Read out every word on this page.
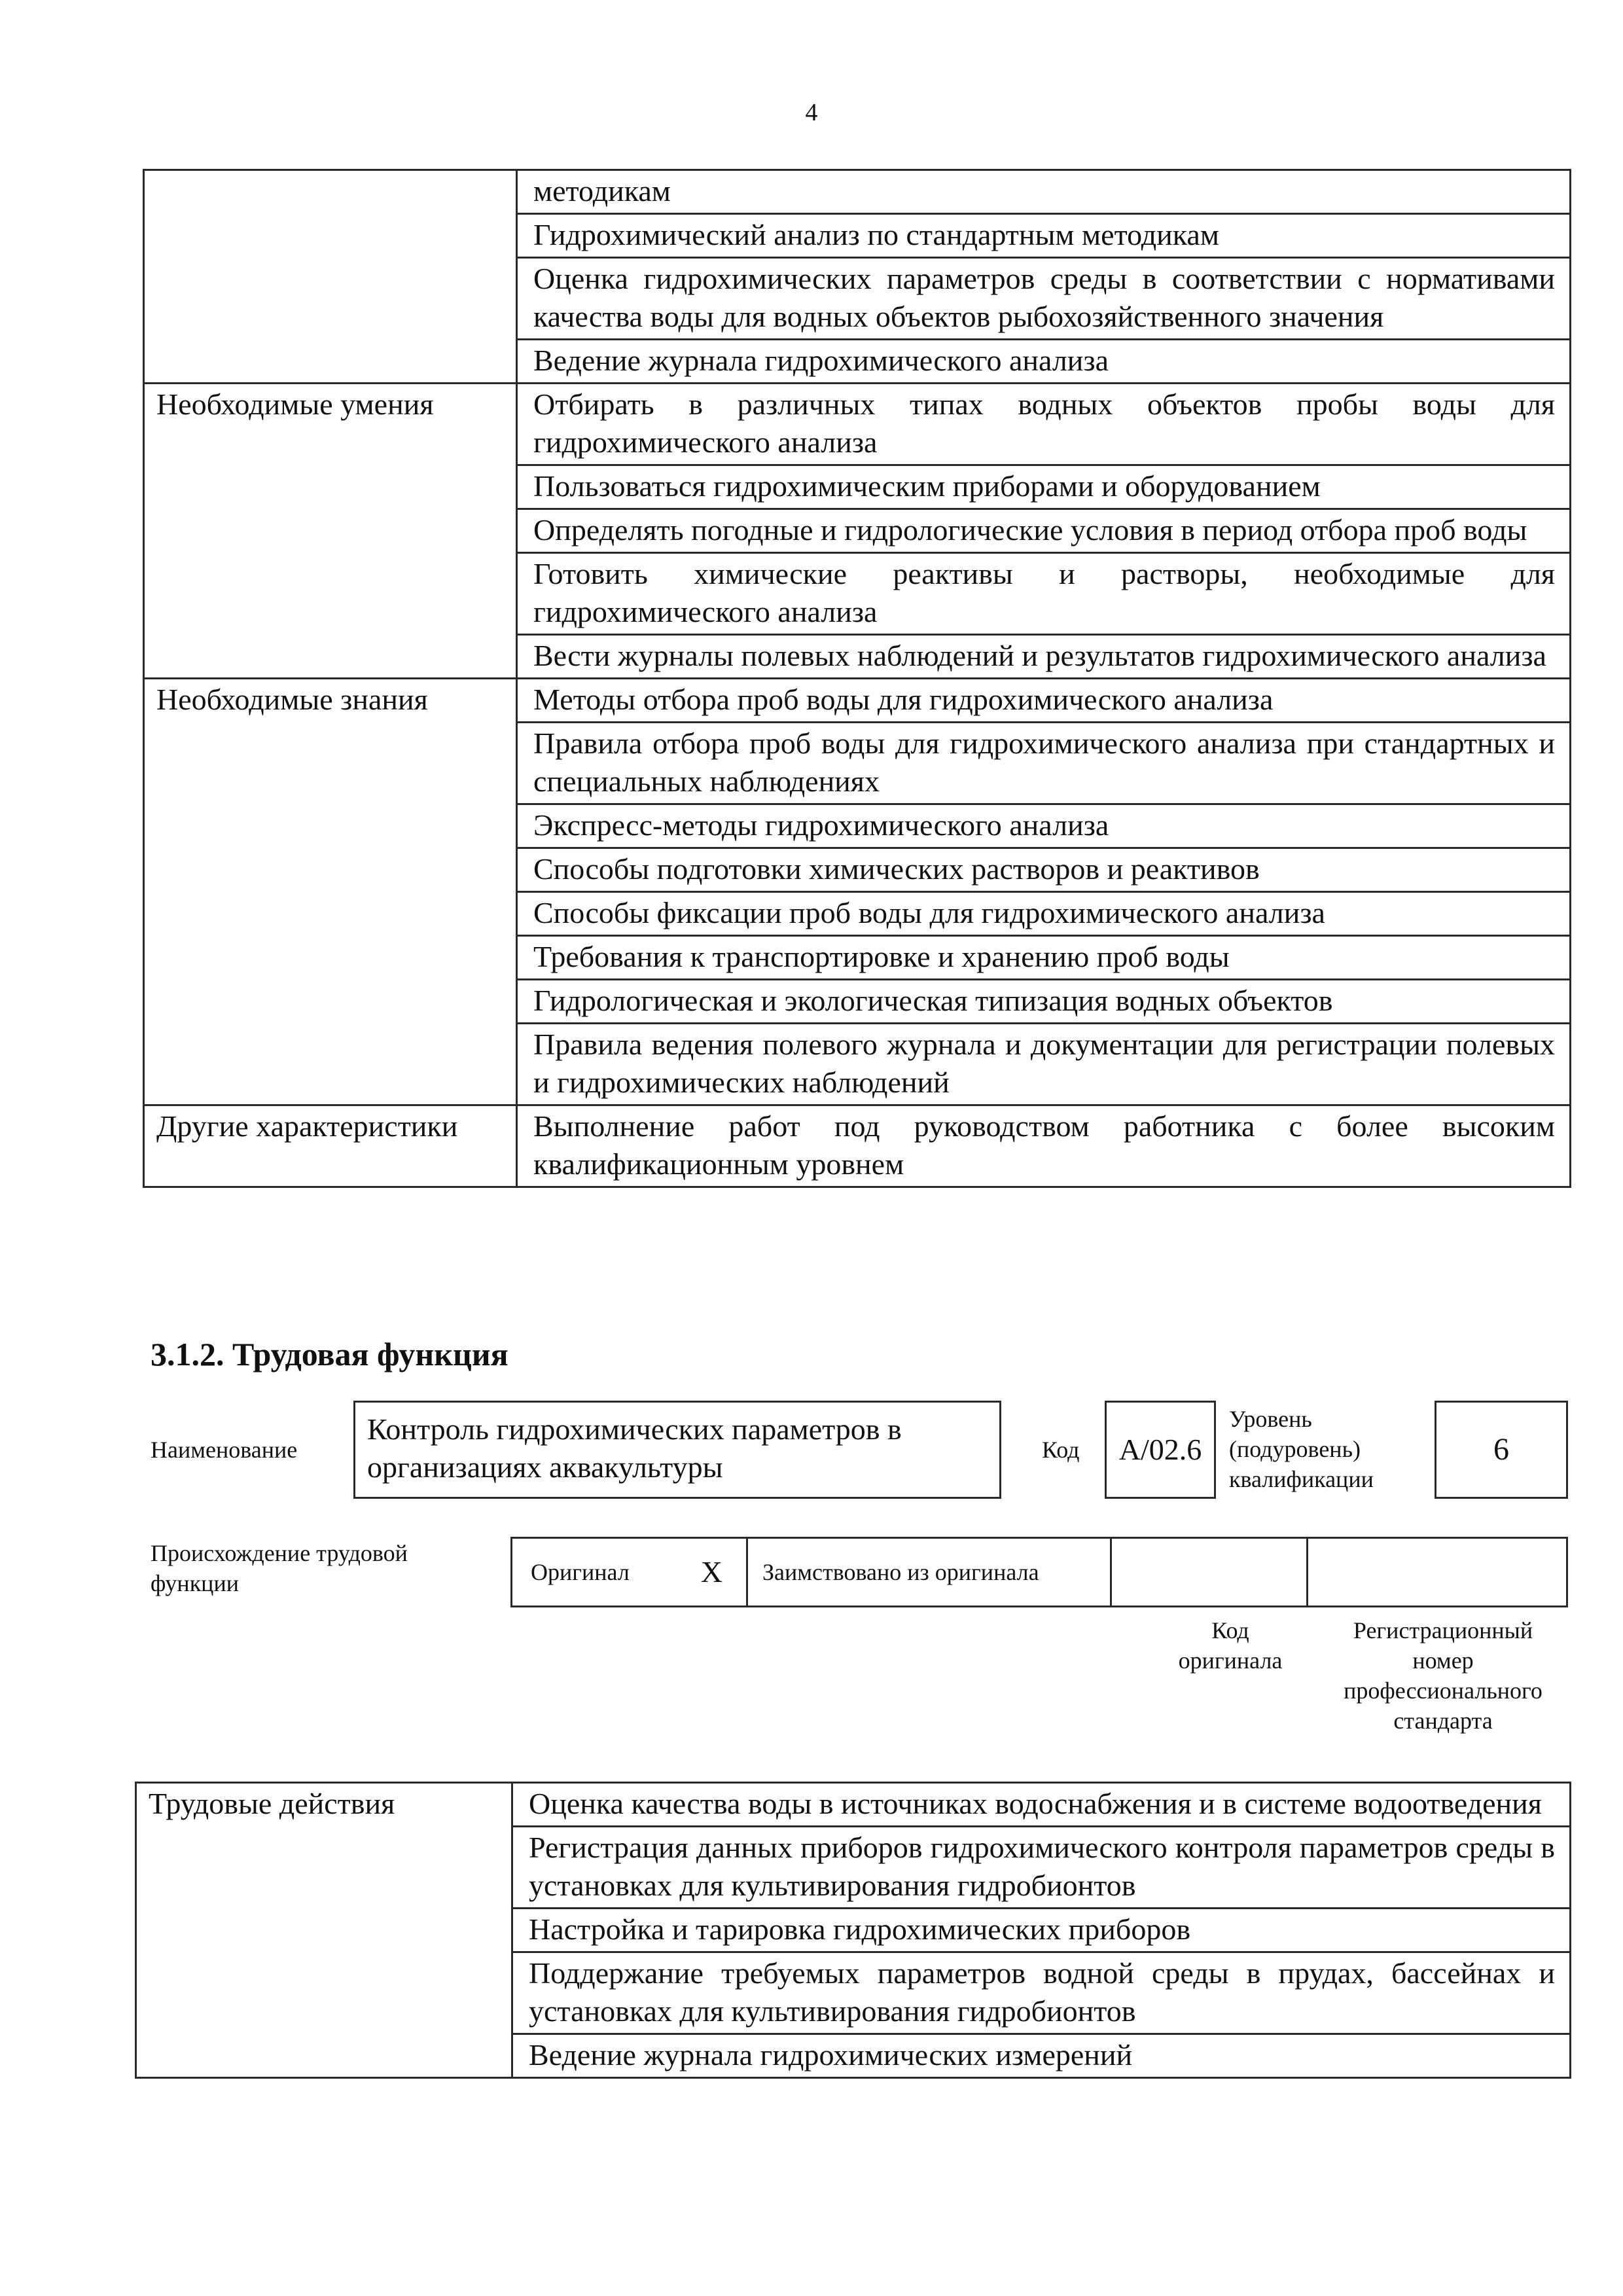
4
	методикам
	Гидрохимический анализ по стандартным методикам
	Оценка гидрохимических параметров среды в соответствии с нормативами качества воды для водных объектов рыбохозяйственного значения
	Ведение журнала гидрохимического анализа
Необходимые умения	Отбирать в различных типах водных объектов пробы воды для гидрохимического анализа
	Пользоваться гидрохимическим приборами и оборудованием
	Определять погодные и гидрологические условия в период отбора проб воды
	Готовить химические реактивы и растворы, необходимые для гидрохимического анализа
	Вести журналы полевых наблюдений и результатов гидрохимического анализа
Необходимые знания	Методы отбора проб воды для гидрохимического анализа
	Правила отбора проб воды для гидрохимического анализа при стандартных и специальных наблюдениях
	Экспресс-методы гидрохимического анализа
	Способы подготовки химических растворов и реактивов
	Способы фиксации проб воды для гидрохимического анализа
	Требования к транспортировке и хранению проб воды
	Гидрологическая и экологическая типизация водных объектов
	Правила ведения полевого журнала и документации для регистрации полевых и гидрохимических наблюдений
Другие характеристики	Выполнение работ под руководством работника с более высоким квалификационным уровнем
3.1.2. Трудовая функция
Наименование
Контроль гидрохимических параметров в организациях аквакультуры
Код	A/02.6
Уровень (подуровень) квалификации
6
Происхождение трудовой функции	Оригинал X Заимствовано из оригинала
Код оригинала
Регистрационный номер профессионального стандарта
Трудовые действия	Оценка качества воды в источниках водоснабжения и в системе водоотведения
Регистрация данных приборов гидрохимического контроля параметров среды в установках для культивирования гидробионтов
Настройка и тарировка гидрохимических приборов
Поддержание требуемых параметров водной среды в прудах, бассейнах и установках для культивирования гидробионтов
Ведение журнала гидрохимических измерений
